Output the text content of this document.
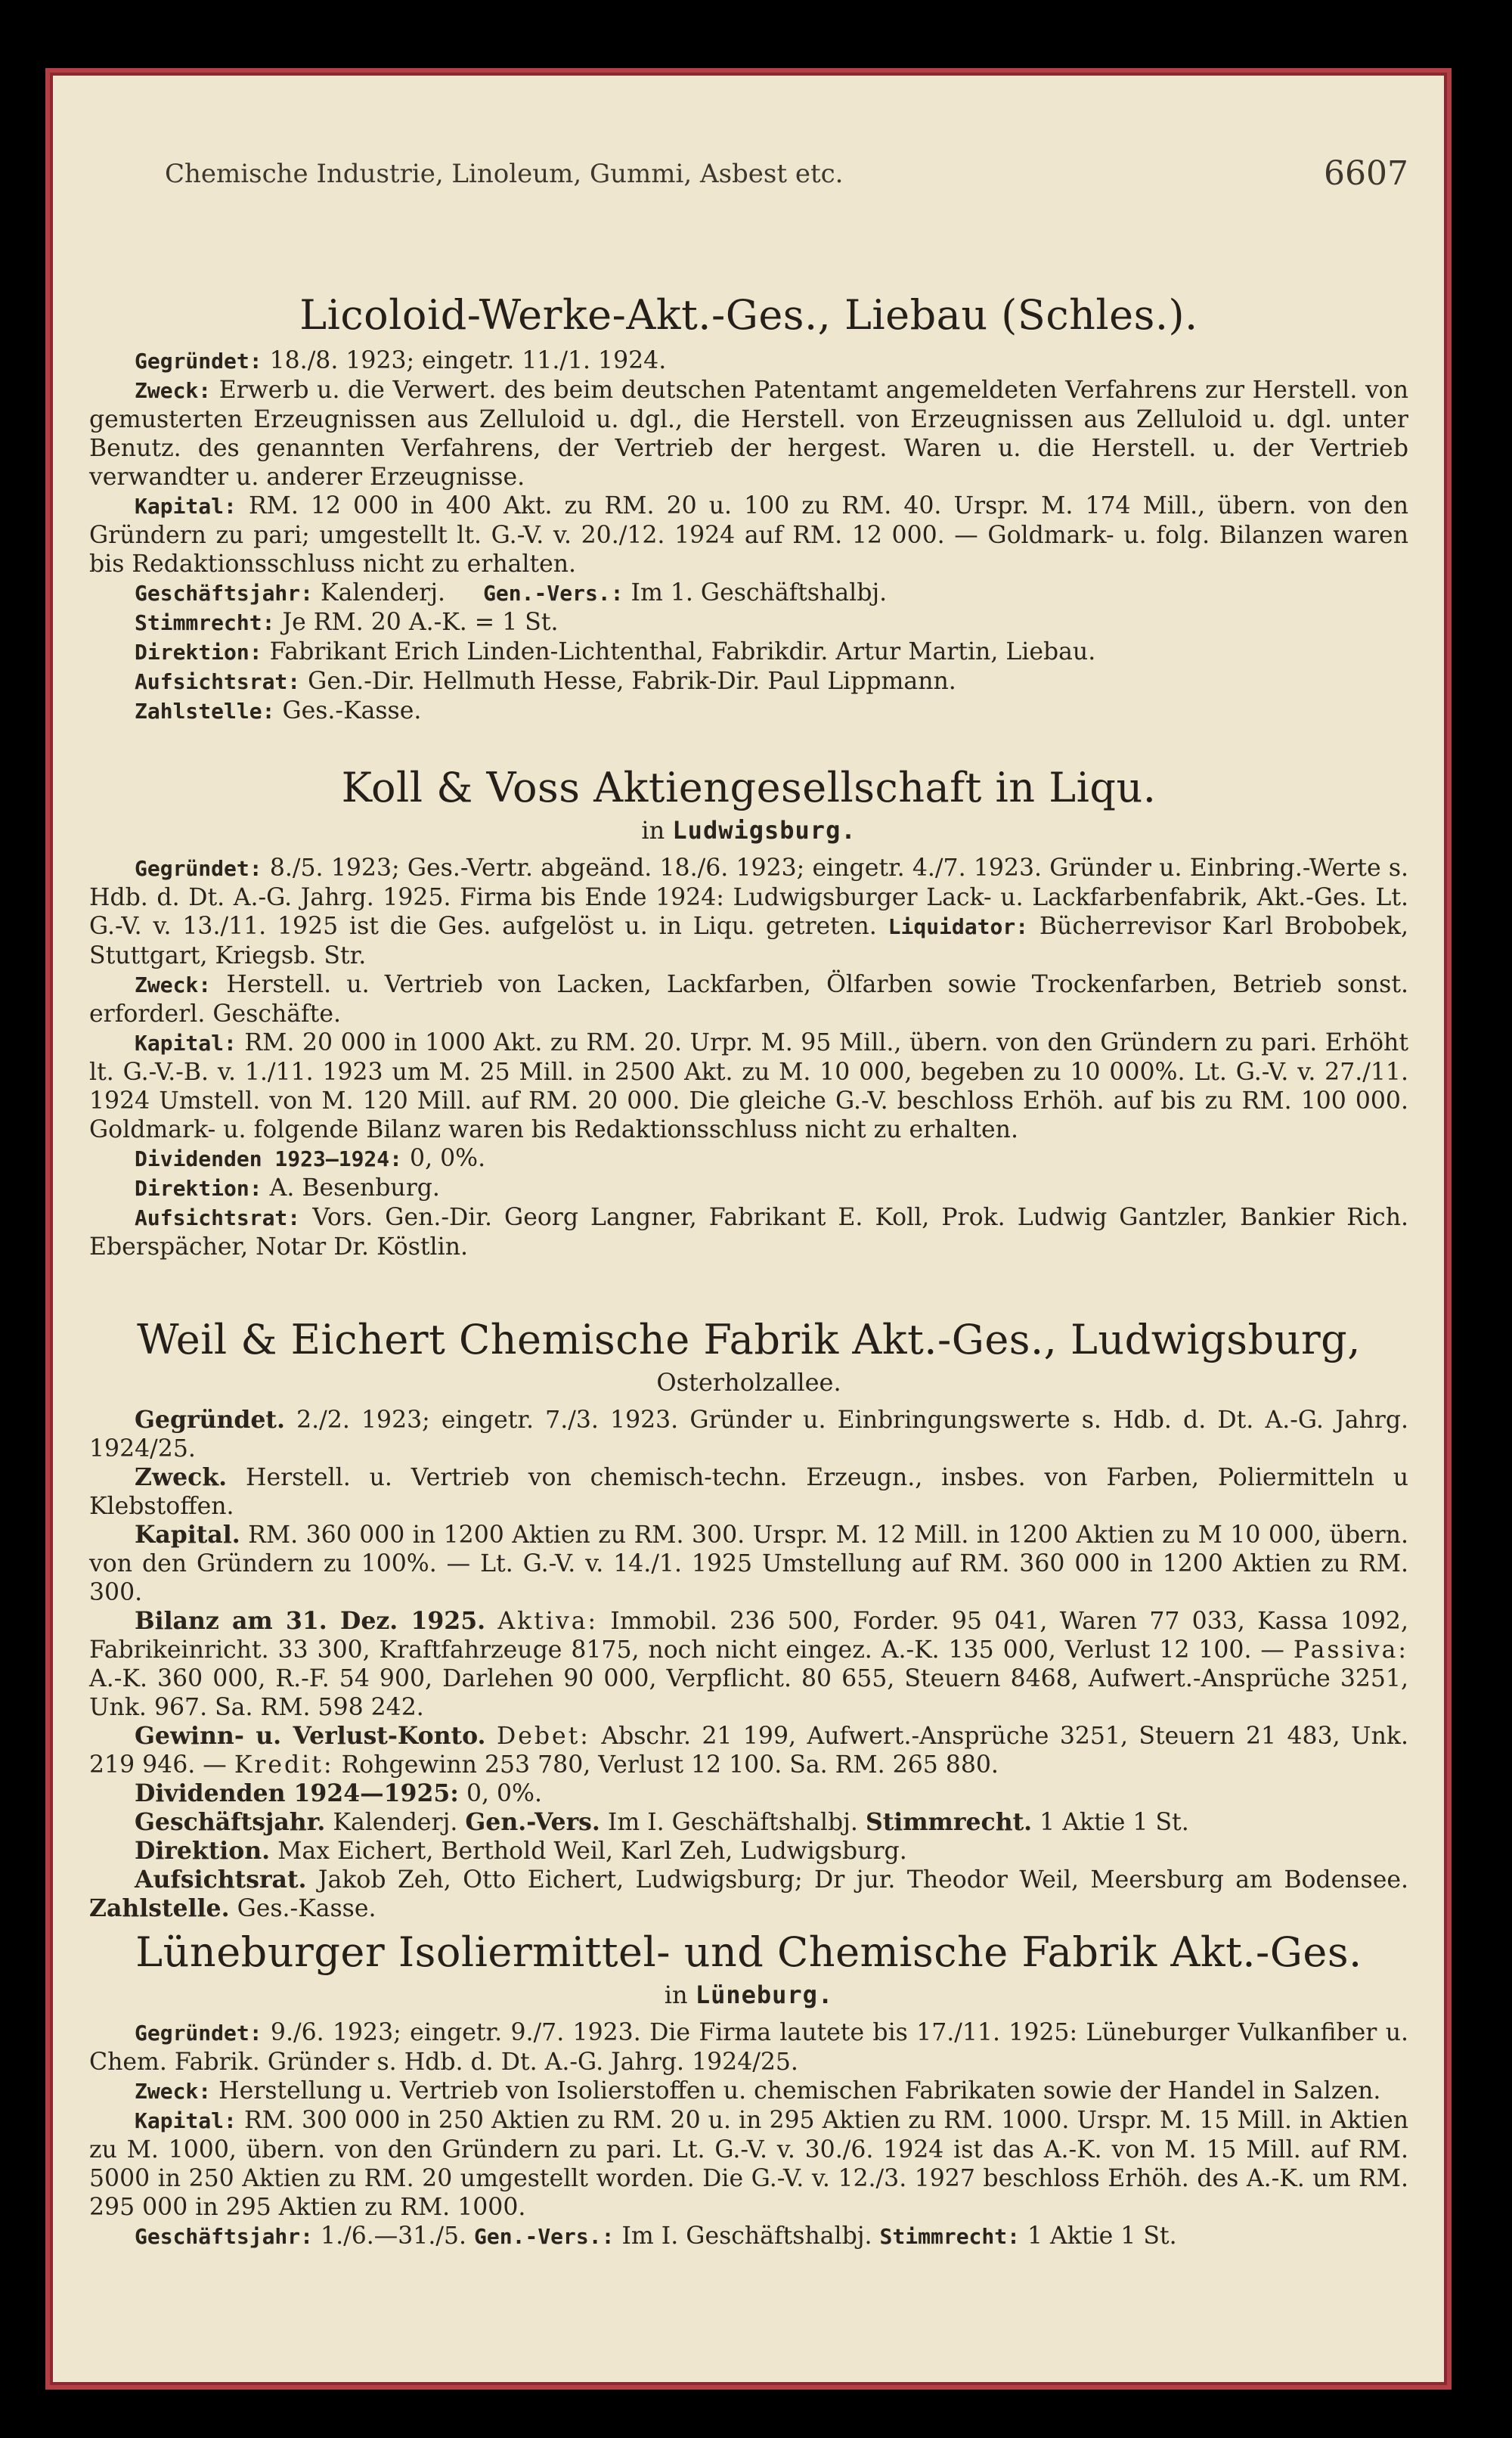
Chemische Industrie, Linoleum, Gummi, Asbest etc.	6607
Licoloid-Werke-Akt.-Ges., Liebau (Schles.).

Gegründet: 18./8. 1923; eingetr. 11./1. 1924.

Zweck: Erwerb u. die Verwert. des beim deutschen Patentamt angemeldeten Verfahrens zur Herstell. von gemusterten Erzeugnissen aus Zelluloid u. dgl., die Herstell. von Erzeugnissen aus Zelluloid u. dgl. unter Benutz. des genannten Verfahrens, der Vertrieb der hergest. Waren u. die Herstell. u. der Vertrieb verwandter u. anderer Erzeugnisse.

Kapital: RM. 12 000 in 400 Akt. zu RM. 20 u. 100 zu RM. 40. Urspr. M. 174 Mill., übern. von den Gründern zu pari; umgestellt lt. G.-V. v. 20./12. 1924 auf RM. 12 000. — Goldmark- u. folg. Bilanzen waren bis Redaktionsschluss nicht zu erhalten.

Geschäftsjahr: Kalenderj. Gen.-Vers.: Im 1. Geschäftshalbj.

Stimmrecht: Je RM. 20 A.-K. = 1 St.

Direktion: Fabrikant Erich Linden-Lichtenthal, Fabrikdir. Artur Martin, Liebau.

Aufsichtsrat: Gen.-Dir. Hellmuth Hesse, Fabrik-Dir. Paul Lippmann.

Zahlstelle: Ges.-Kasse.

Koll & Voss Aktiengesellschaft in Liqu.
in Ludwigsburg.

Gegründet: 8./5. 1923; Ges.-Vertr. abgeänd. 18./6. 1923; eingetr. 4./7. 1923. Gründer u. Einbring.-Werte s. Hdb. d. Dt. A.-G. Jahrg. 1925. Firma bis Ende 1924: Ludwigsburger Lack- u. Lackfarbenfabrik, Akt.-Ges. Lt. G.-V. v. 13./11. 1925 ist die Ges. aufgelöst u. in Liqu. getreten. Liquidator: Bücherrevisor Karl Brobobek, Stuttgart, Kriegsb. Str.

Zweck: Herstell. u. Vertrieb von Lacken, Lackfarben, Ölfarben sowie Trockenfarben, Betrieb sonst. erforderl. Geschäfte.

Kapital: RM. 20 000 in 1000 Akt. zu RM. 20. Urpr. M. 95 Mill., übern. von den Gründern zu pari. Erhöht lt. G.-V.-B. v. 1./11. 1923 um M. 25 Mill. in 2500 Akt. zu M. 10 000, begeben zu 10 000%. Lt. G.-V. v. 27./11. 1924 Umstell. von M. 120 Mill. auf RM. 20 000. Die gleiche G.-V. beschloss Erhöh. auf bis zu RM. 100 000. Goldmark- u. folgende Bilanz waren bis Redaktionsschluss nicht zu erhalten.

Dividenden 1923—1924: 0, 0%.

Direktion: A. Besenburg.

Aufsichtsrat: Vors. Gen.-Dir. Georg Langner, Fabrikant E. Koll, Prok. Ludwig Gantzler, Bankier Rich. Eberspächer, Notar Dr. Köstlin.

Weil & Eichert Chemische Fabrik Akt.-Ges., Ludwigsburg,
Osterholzallee.

Gegründet. 2./2. 1923; eingetr. 7./3. 1923. Gründer u. Einbringungswerte s. Hdb. d. Dt. A.-G. Jahrg. 1924/25.

Zweck. Herstell. u. Vertrieb von chemisch-techn. Erzeugn., insbes. von Farben, Poliermitteln u Klebstoffen.

Kapital. RM. 360 000 in 1200 Aktien zu RM. 300. Urspr. M. 12 Mill. in 1200 Aktien zu M 10 000, übern. von den Gründern zu 100%. — Lt. G.-V. v. 14./1. 1925 Umstellung auf RM. 360 000 in 1200 Aktien zu RM. 300.

Bilanz am 31. Dez. 1925. Aktiva: Immobil. 236 500, Forder. 95 041, Waren 77 033, Kassa 1092, Fabrikeinricht. 33 300, Kraftfahrzeuge 8175, noch nicht eingez. A.-K. 135 000, Verlust 12 100. — Passiva: A.-K. 360 000, R.-F. 54 900, Darlehen 90 000, Verpflicht. 80 655, Steuern 8468, Aufwert.-Ansprüche 3251, Unk. 967. Sa. RM. 598 242.

Gewinn- u. Verlust-Konto. Debet: Abschr. 21 199, Aufwert.-Ansprüche 3251, Steuern 21 483, Unk. 219 946. — Kredit: Rohgewinn 253 780, Verlust 12 100. Sa. RM. 265 880.

Dividenden 1924—1925: 0, 0%.

Geschäftsjahr. Kalenderj. Gen.-Vers. Im I. Geschäftshalbj. Stimmrecht. 1 Aktie 1 St.

Direktion. Max Eichert, Berthold Weil, Karl Zeh, Ludwigsburg.

Aufsichtsrat. Jakob Zeh, Otto Eichert, Ludwigsburg; Dr jur. Theodor Weil, Meersburg am Bodensee. Zahlstelle. Ges.-Kasse.

Lüneburger Isoliermittel- und Chemische Fabrik Akt.-Ges.
in Lüneburg.

Gegründet: 9./6. 1923; eingetr. 9./7. 1923. Die Firma lautete bis 17./11. 1925: Lüneburger Vulkanfiber u. Chem. Fabrik. Gründer s. Hdb. d. Dt. A.-G. Jahrg. 1924/25.

Zweck: Herstellung u. Vertrieb von Isolierstoffen u. chemischen Fabrikaten sowie der Handel in Salzen.

Kapital: RM. 300 000 in 250 Aktien zu RM. 20 u. in 295 Aktien zu RM. 1000. Urspr. M. 15 Mill. in Aktien zu M. 1000, übern. von den Gründern zu pari. Lt. G.-V. v. 30./6. 1924 ist das A.-K. von M. 15 Mill. auf RM. 5000 in 250 Aktien zu RM. 20 umgestellt worden. Die G.-V. v. 12./3. 1927 beschloss Erhöh. des A.-K. um RM. 295 000 in 295 Aktien zu RM. 1000.

Geschäftsjahr: 1./6.—31./5. Gen.-Vers.: Im I. Geschäftshalbj. Stimmrecht: 1 Aktie 1 St.
